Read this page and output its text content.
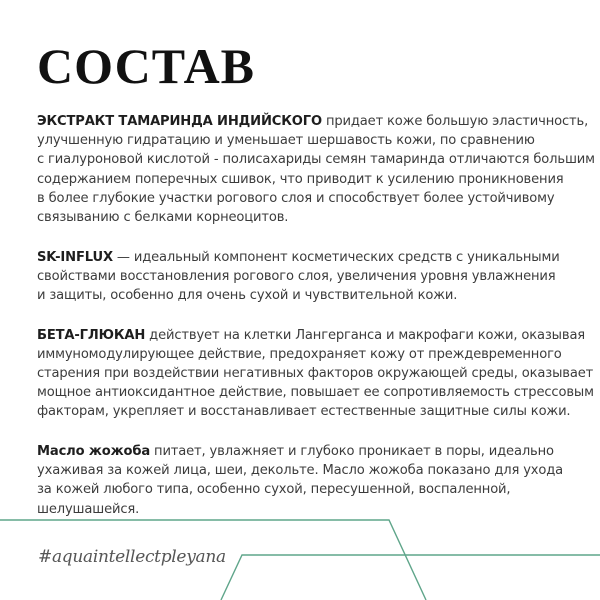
СОСТАВ

ЭКСТРАКТ ТАМАРИНДА ИНДИЙСКОГО придает коже большую эластичность,
улучшенную гидратацию и уменьшает шершавость кожи, по сравнению
с гиалуроновой кислотой - полисахариды семян тамаринда отличаются большим
содержанием поперечных сшивок, что приводит к усилению проникновения
в более глубокие участки рогового слоя и способствует более устойчивому
связыванию с белками корнеоцитов.

SK-INFLUX — идеальный компонент косметических средств с уникальными
свойствами восстановления рогового слоя, увеличения уровня увлажнения
и защиты, особенно для очень сухой и чувствительной кожи.

БЕТА-ГЛЮКАН действует на клетки Лангерганса и макрофаги кожи, оказывая
иммуномодулирующее действие, предохраняет кожу от преждевременного
старения при воздействии негативных факторов окружающей среды, оказывает
мощное антиоксидантное действие, повышает ее сопротивляемость стрессовым
факторам, укрепляет и восстанавливает естественные защитные силы кожи.

Масло жожоба питает, увлажняет и глубоко проникает в поры, идеально
ухаживая за кожей лица, шеи, декольте. Масло жожоба показано для ухода
за кожей любого типа, особенно сухой, пересушенной, воспаленной,
шелушашейся.

#aquaintellectpleyana
